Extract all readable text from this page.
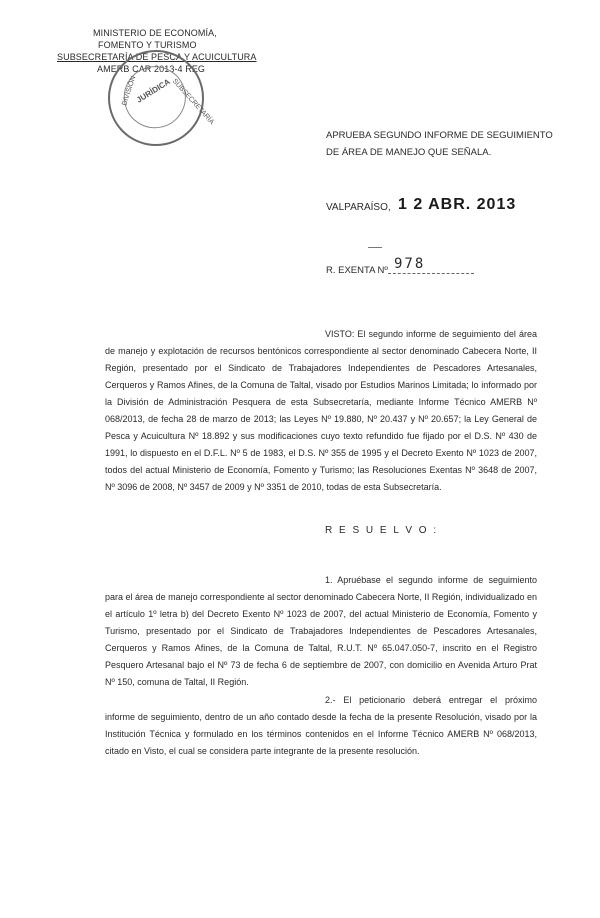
MINISTERIO DE ECONOMÍA,
FOMENTO Y TURISMO
SUBSECRETARÍA DE PESCA Y ACUICULTURA
AMERB CAR 2013-4 REG
DIVISIÓN
JURÍDICA
SUBSECRETARÍA
APRUEBA SEGUNDO INFORME DE SEGUIMIENTO
DE ÁREA DE MANEJO QUE SEÑALA.
VALPARAÍSO, 1 2 ABR. 2013
R. EXENTA Nº 978
VISTO: El segundo informe de seguimiento del área de manejo y explotación de recursos bentónicos correspondiente al sector denominado Cabecera Norte, II Región, presentado por el Sindicato de Trabajadores Independientes de Pescadores Artesanales, Cerqueros y Ramos Afines, de la Comuna de Taltal, visado por Estudios Marinos Limitada; lo informado por la División de Administración Pesquera de esta Subsecretaría, mediante Informe Técnico AMERB Nº 068/2013, de fecha 28 de marzo de 2013; las Leyes Nº 19.880, Nº 20.437 y Nº 20.657; la Ley General de Pesca y Acuicultura Nº 18.892 y sus modificaciones cuyo texto refundido fue fijado por el D.S. Nº 430 de 1991, lo dispuesto en el D.F.L. Nº 5 de 1983, el D.S. Nº 355 de 1995 y el Decreto Exento Nº 1023 de 2007, todos del actual Ministerio de Economía, Fomento y Turismo; las Resoluciones Exentas Nº 3648 de 2007, Nº 3096 de 2008, Nº 3457 de 2009 y Nº 3351 de 2010, todas de esta Subsecretaría.
R E S U E L V O :
1. Apruébase el segundo informe de seguimiento para el área de manejo correspondiente al sector denominado Cabecera Norte, II Región, individualizado en el artículo 1º letra b) del Decreto Exento Nº 1023 de 2007, del actual Ministerio de Economía, Fomento y Turismo, presentado por el Sindicato de Trabajadores Independientes de Pescadores Artesanales, Cerqueros y Ramos Afines, de la Comuna de Taltal, R.U.T. Nº 65.047.050-7, inscrito en el Registro Pesquero Artesanal bajo el Nº 73 de fecha 6 de septiembre de 2007, con domicilio en Avenida Arturo Prat Nº 150, comuna de Taltal, II Región.
2.- El peticionario deberá entregar el próximo informe de seguimiento, dentro de un año contado desde la fecha de la presente Resolución, visado por la Institución Técnica y formulado en los términos contenidos en el Informe Técnico AMERB Nº 068/2013, citado en Visto, el cual se considera parte integrante de la presente resolución.
